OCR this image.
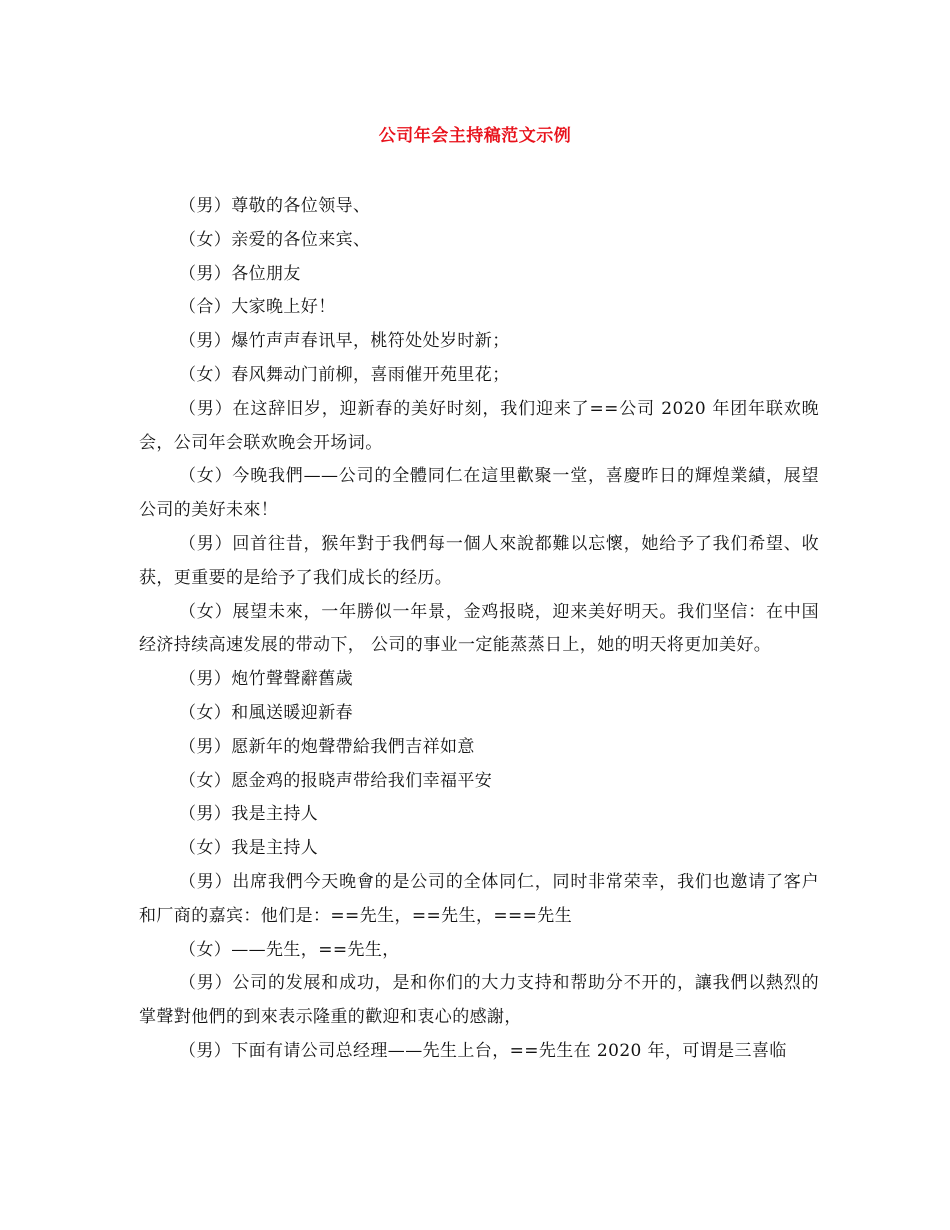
公司年会主持稿范文示例

（男）尊敬的各位领导、

（女）亲爱的各位来宾、

（男）各位朋友

（合）大家晚上好！

（男）爆竹声声春讯早，桃符处处岁时新；

（女）春风舞动门前柳，喜雨催开苑里花；

（男）在这辞旧岁，迎新春的美好时刻，我们迎来了==公司 2020 年团年联欢晚会，公司年会联欢晚会开场词。

（女）今晚我們——公司的全體同仁在這里歡聚一堂，喜慶昨日的輝煌業績，展望公司的美好未來！

（男）回首往昔，猴年對于我們每一個人來說都難以忘懷，她给予了我们希望、收获，更重要的是给予了我们成长的经历。

（女）展望未來，一年勝似一年景，金鸡报晓，迎来美好明天。我们坚信：在中国经济持续高速发展的带动下， 公司的事业一定能蒸蒸日上，她的明天将更加美好。

（男）炮竹聲聲辭舊歲

（女）和風送暖迎新春

（男）愿新年的炮聲帶給我們吉祥如意

（女）愿金鸡的报晓声带给我们幸福平安

（男）我是主持人

（女）我是主持人

（男）出席我們今天晚會的是公司的全体同仁，同时非常荣幸，我们也邀请了客户和厂商的嘉宾：他们是：==先生，==先生，===先生

（女）——先生，==先生，

（男）公司的发展和成功，是和你们的大力支持和帮助分不开的，讓我們以熱烈的掌聲對他們的到來表示隆重的歡迎和衷心的感謝，

（男）下面有请公司总经理——先生上台，==先生在 2020 年，可谓是三喜临
